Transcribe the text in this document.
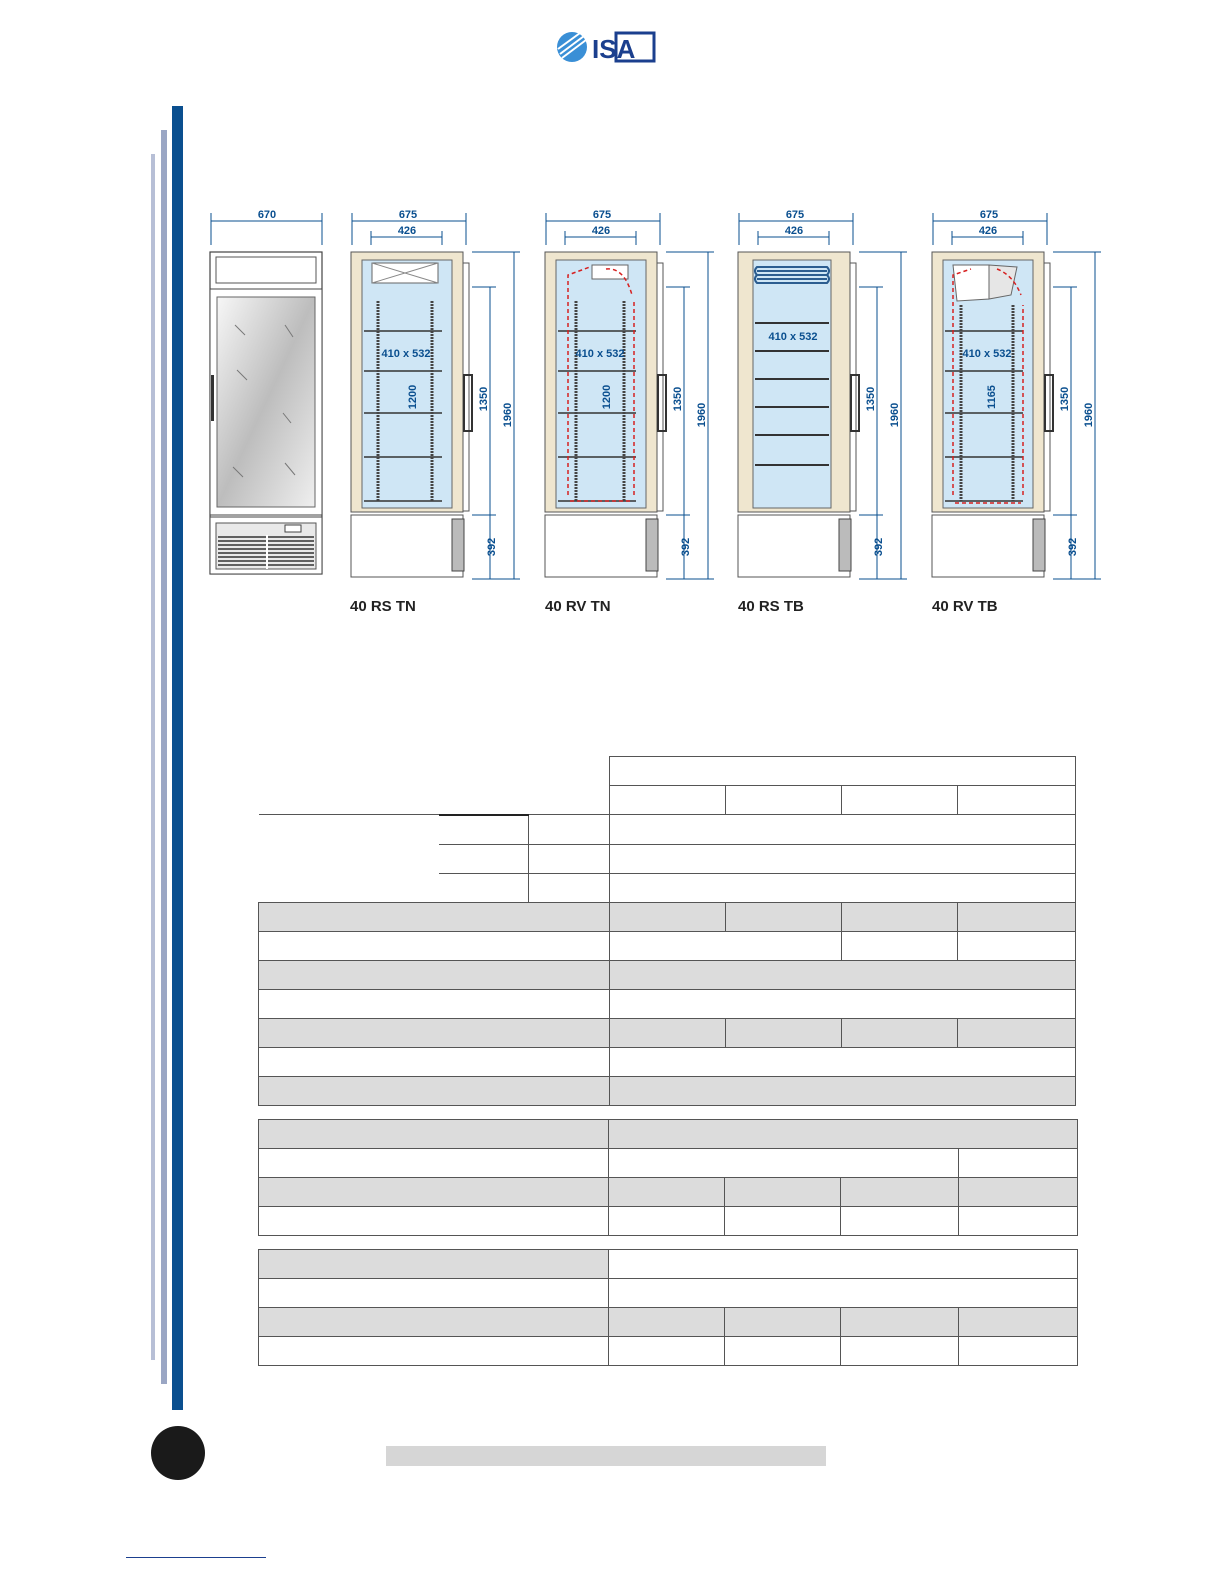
ISA
670	675
426
410 x 532
1200	1350
1960
392
40 RS TN
675
426
410 x 532
1200	1350
1960
392
40 RV TN
675
426
410 x 532
1350
1960
392
40 RS TB
675
426
410 x 532
1165	1350
1960
392
40 RV TB
